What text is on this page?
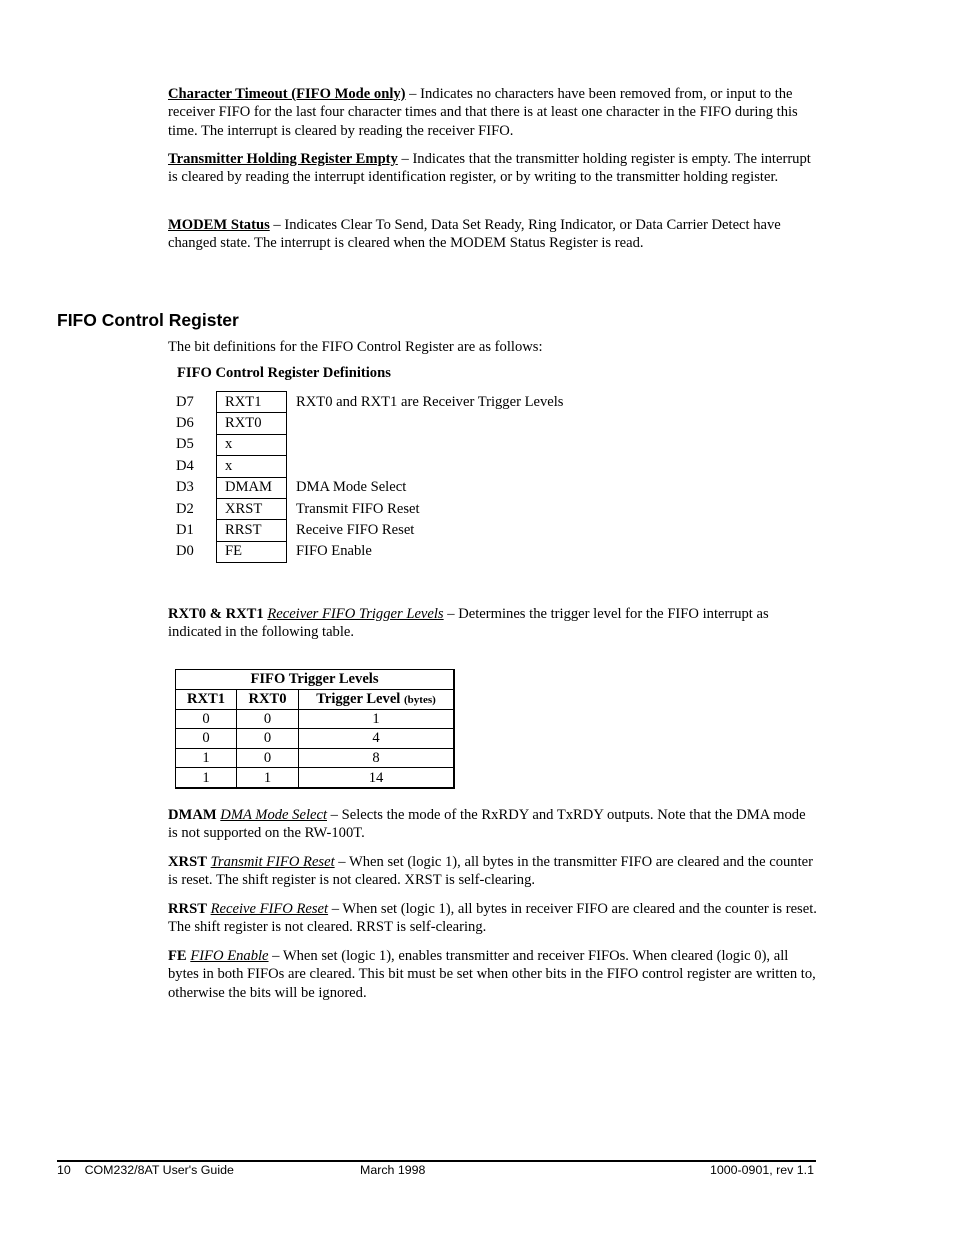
Character Timeout (FIFO Mode only) – Indicates no characters have been removed from, or input to the receiver FIFO for the last four character times and that there is at least one character in the FIFO during this time. The interrupt is cleared by reading the receiver FIFO.

Transmitter Holding Register Empty – Indicates that the transmitter holding register is empty. The interrupt is cleared by reading the interrupt identification register, or by writing to the transmitter holding register.

MODEM Status – Indicates Clear To Send, Data Set Ready, Ring Indicator, or Data Carrier Detect have changed state. The interrupt is cleared when the MODEM Status Register is read.

FIFO Control Register

The bit definitions for the FIFO Control Register are as follows:

FIFO Control Register Definitions
D7	RXT1	RXT0 and RXT1 are Receiver Trigger Levels
D6	RXT0	
D5	x	
D4	x	
D3	DMAM	DMA Mode Select
D2	XRST	Transmit FIFO Reset
D1	RRST	Receive FIFO Reset
D0	FE	FIFO Enable

RXT0 & RXT1 Receiver FIFO Trigger Levels – Determines the trigger level for the FIFO interrupt as indicated in the following table.

FIFO Trigger Levels		
RXT1	RXT0	Trigger Level (bytes)
0	0	1
0	0	4
1	0	8
1	1	14

DMAM DMA Mode Select – Selects the mode of the RxRDY and TxRDY outputs. Note that the DMA mode is not supported on the RW-100T.

XRST Transmit FIFO Reset – When set (logic 1), all bytes in the transmitter FIFO are cleared and the counter is reset. The shift register is not cleared. XRST is self-clearing.

RRST Receive FIFO Reset – When set (logic 1), all bytes in receiver FIFO are cleared and the counter is reset. The shift register is not cleared. RRST is self-clearing.

FE FIFO Enable – When set (logic 1), enables transmitter and receiver FIFOs. When cleared (logic 0), all bytes in both FIFOs are cleared. This bit must be set when other bits in the FIFO control register are written to, otherwise the bits will be ignored.

10 COM232/8AT User's Guide	March 1998	1000-0901, rev 1.1
